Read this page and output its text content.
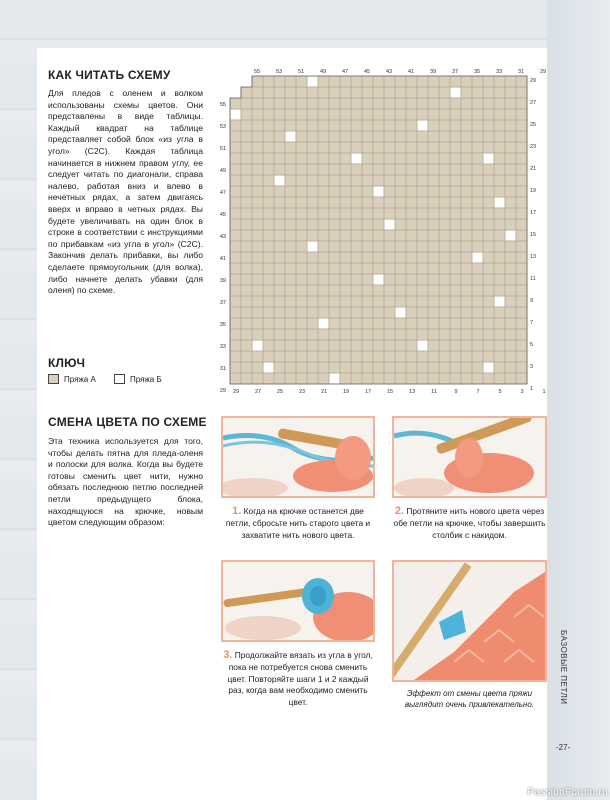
БАЗОВЫЕ ПЕТЛИ
-27-
КАК ЧИТАТЬ СХЕМУ
Для пледов с оленем и волком использованы схемы цветов. Они представлены в виде таблицы. Каждый квадрат на таблице представляет собой блок «из угла в угол» (C2C). Каждая таблица начинается в нижнем правом углу, ее следует читать по диагонали, справа налево, работая вниз и влево в нечетных рядах, а затем двигаясь вверх и вправо в четных рядах. Вы будете увеличивать на один блок в строке в соответствии с инструкциями по прибавкам «из угла в угол» (C2C). Закончив делать прибавки, вы либо сделаете прямоугольник (для волка), либо начнете делать убавки (для оленя) по схеме.
КЛЮЧ
Пряжа А	Пряжа Б
55	53	51	49	47	45	43	41	39	37	35	33	31	29
29	27	25	23	21	19	17	15	13	11	9	7	5	3	1
55
53
51
49
47
45
43
41
39
37
35
33
31
29
29
27
25
23
21
19
17
15
13
11
9
7
5
3
1
СМЕНА ЦВЕТА ПО СХЕМЕ
Эта техника используется для того, чтобы делать пятна для пледа-оленя и полоски для волка. Когда вы будете готовы сменить цвет нити, нужно обязать последнюю петлю последней петли предыдущего блока, находящуюся на крючке, новым цветом следующим образом:
1. Когда на крючке останется две петли, сбросьте нить старого цвета и захватите нить нового цвета.
2. Протяните нить нового цвета через обе петли на крючке, чтобы завершить столбик с накидом.
3. Продолжайте вязать из угла в угол, пока не потребуется снова сменить цвет. Повторяйте шаги 1 и 2 каждый раз, когда вам необходимо сменить цвет.
Эффект от смены цвета пряжи выглядит очень привлекательно.
PassionForum.ru
